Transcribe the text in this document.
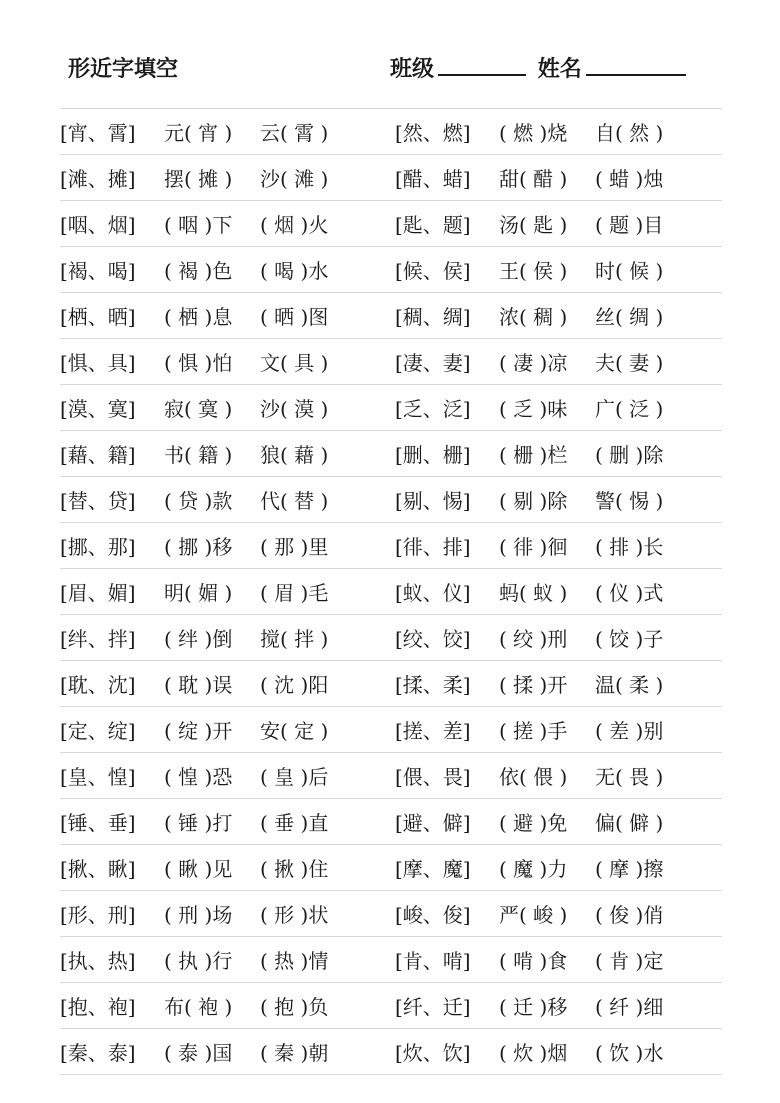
形近字填空	班级	姓名
[宵、霄]	元( 宵 )	云( 霄 )	[然、燃]	( 燃 )烧	自( 然 )
[滩、摊]	摆( 摊 )	沙( 滩 )	[醋、蜡]	甜( 醋 )	( 蜡 )烛
[咽、烟]	( 咽 )下	( 烟 )火	[匙、题]	汤( 匙 )	( 题 )目
[褐、喝]	( 褐 )色	( 喝 )水	[候、侯]	王( 侯 )	时( 候 )
[栖、晒]	( 栖 )息	( 晒 )图	[稠、绸]	浓( 稠 )	丝( 绸 )
[惧、具]	( 惧 )怕	文( 具 )	[凄、妻]	( 凄 )凉	夫( 妻 )
[漠、寞]	寂( 寞 )	沙( 漠 )	[乏、泛]	( 乏 )味	广( 泛 )
[藉、籍]	书( 籍 )	狼( 藉 )	[删、栅]	( 栅 )栏	( 删 )除
[替、贷]	( 贷 )款	代( 替 )	[剔、惕]	( 剔 )除	警( 惕 )
[挪、那]	( 挪 )移	( 那 )里	[徘、排]	( 徘 )徊	( 排 )长
[眉、媚]	明( 媚 )	( 眉 )毛	[蚁、仪]	蚂( 蚁 )	( 仪 )式
[绊、拌]	( 绊 )倒	搅( 拌 )	[绞、饺]	( 绞 )刑	( 饺 )子
[耽、沈]	( 耽 )误	( 沈 )阳	[揉、柔]	( 揉 )开	温( 柔 )
[定、绽]	( 绽 )开	安( 定 )	[搓、差]	( 搓 )手	( 差 )别
[皇、惶]	( 惶 )恐	( 皇 )后	[偎、畏]	依( 偎 )	无( 畏 )
[锤、垂]	( 锤 )打	( 垂 )直	[避、僻]	( 避 )免	偏( 僻 )
[揪、瞅]	( 瞅 )见	( 揪 )住	[摩、魔]	( 魔 )力	( 摩 )擦
[形、刑]	( 刑 )场	( 形 )状	[峻、俊]	严( 峻 )	( 俊 )俏
[执、热]	( 执 )行	( 热 )情	[肯、啃]	( 啃 )食	( 肯 )定
[抱、袍]	布( 袍 )	( 抱 )负	[纤、迁]	( 迁 )移	( 纤 )细
[秦、泰]	( 泰 )国	( 秦 )朝	[炊、饮]	( 炊 )烟	( 饮 )水
